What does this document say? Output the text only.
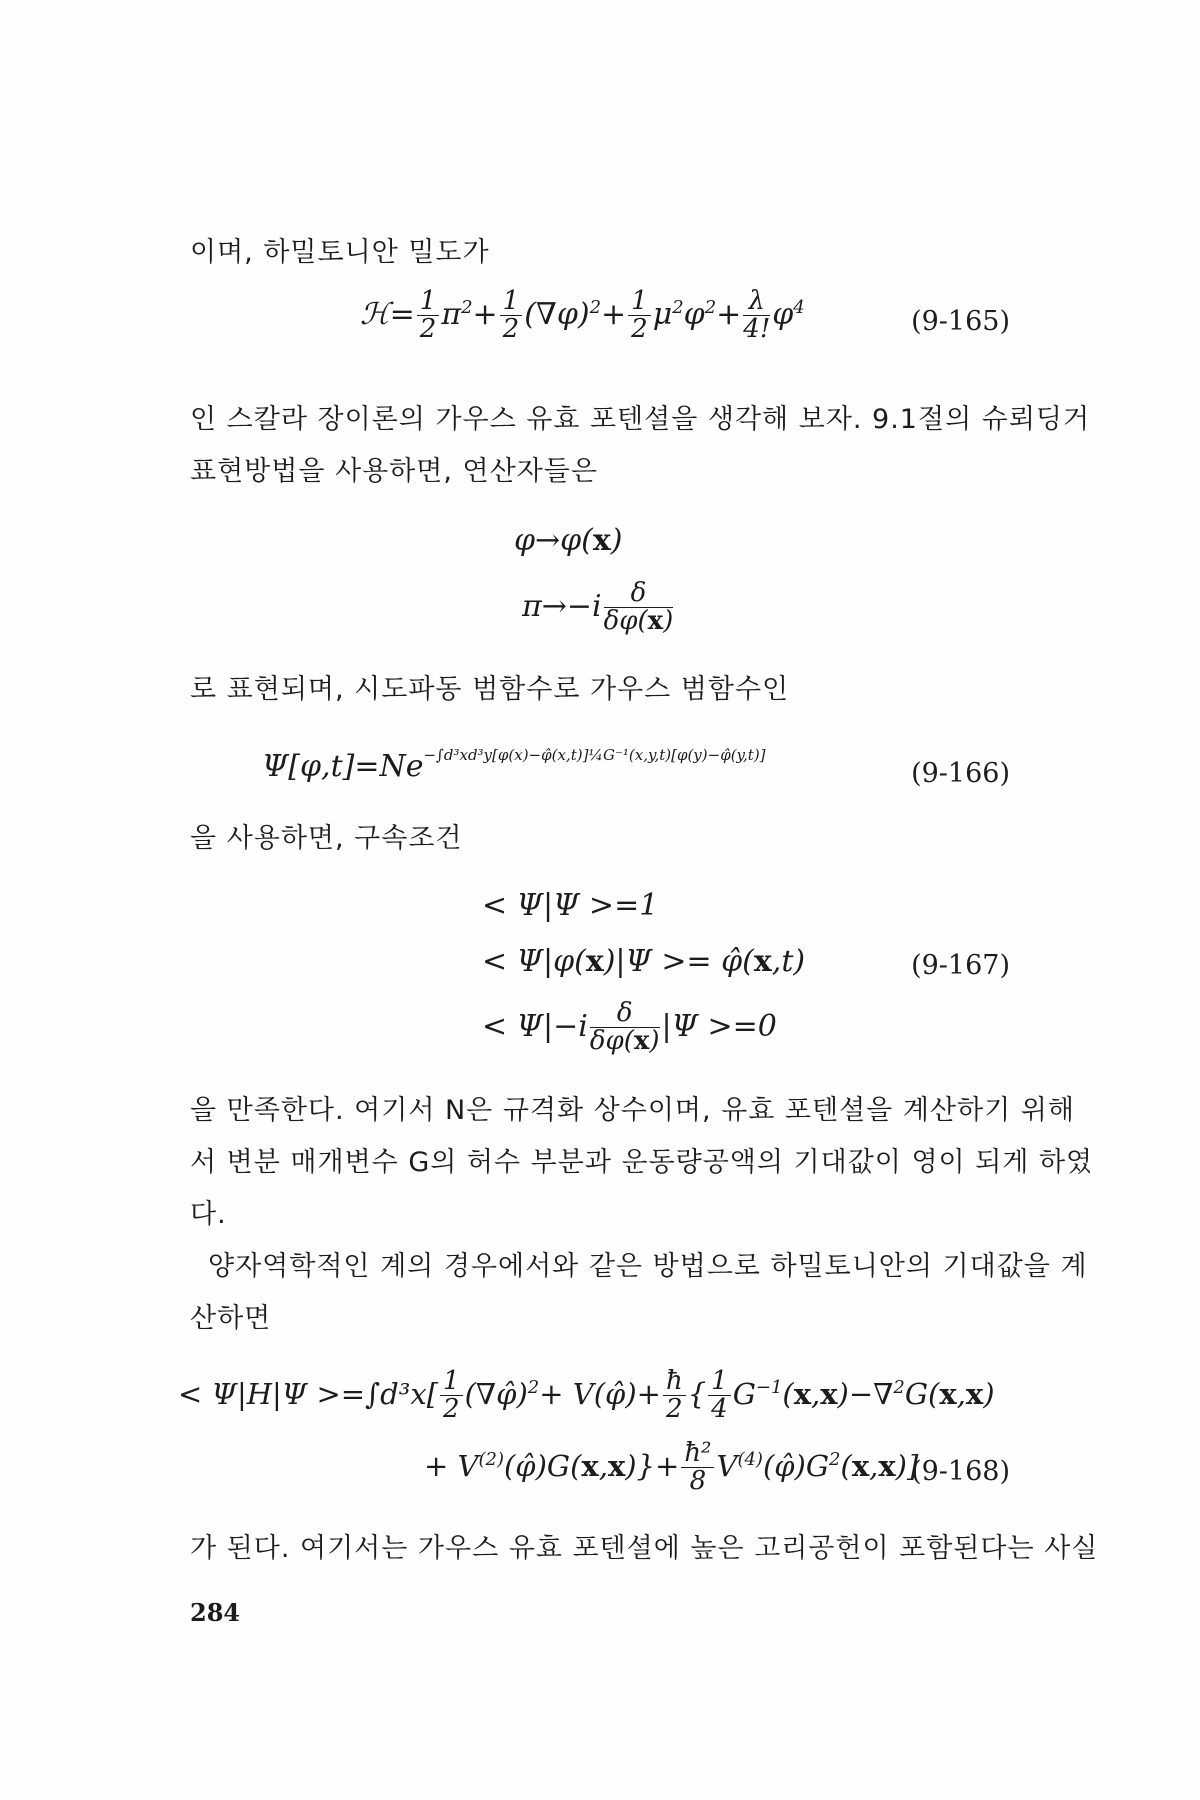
이며, 하밀토니안 밀도가
ℋ= $\frac{1}{2} \pi^2+ \frac{1}{2} (\nabla\varphi)^2+ \frac{1}{2} \mu^2\varphi^2+ \frac{\lambda}{4!} \varphi^4$	(9-165)
인 스칼라 장이론의 가우스 유효 포텐셜을 생각해 보자. 9.1절의 슈뢰딩거
표현방법을 사용하면, 연산자들은
φ→φ(x)
$\pi\to-i \frac{\delta}{\delta\varphi(x)}$
로 표현되며, 시도파동 범함수로 가우스 범함수인
$\Psi[\varphi,t]=Ne^{-\int d^3xd^3y[\varphi(x)-\varphî(x,t)]\frac{1}{4}G^{-1}(x,y,t)[\varphi(y)-\varphî(y,t)]}$
(9-166)
을 사용하면, 구속조건
< Ψ|Ψ >=1
< Ψ|φ(x)|Ψ >= φ̂(x,t)
< $\Psi|-i \frac{\delta}{\delta\varphi(x)} |\Psi >=0$
(9-167)
을 만족한다. 여기서 N은 규격화 상수이며, 유효 포텐셜을 계산하기 위해
서 변분 매개변수 G의 허수 부분과 운동량공액의 기대값이 영이 되게 하였
다.
양자역학적인 계의 경우에서와 같은 방법으로 하밀토니안의 기대값을 계
산하면
< $\Psi|H|\Psi >=\int d^3x[ \frac{1}{2}$ (∇φ̂)$^2$+ V(φ̂)+ $\frac{ħ}{2}$ { $\frac{1}{4} G^{-1}(x,x)-\nabla^2G(x,x)$
+ $V^{(2)}(\varphî)G(x,x)\}+ \frac{\text{ħ²}}{8}$ $V^{(4)}(\varphî)G^2(x,x)$]
(9-168)
가 된다. 여기서는 가우스 유효 포텐셜에 높은 고리공헌이 포함된다는 사실
284
